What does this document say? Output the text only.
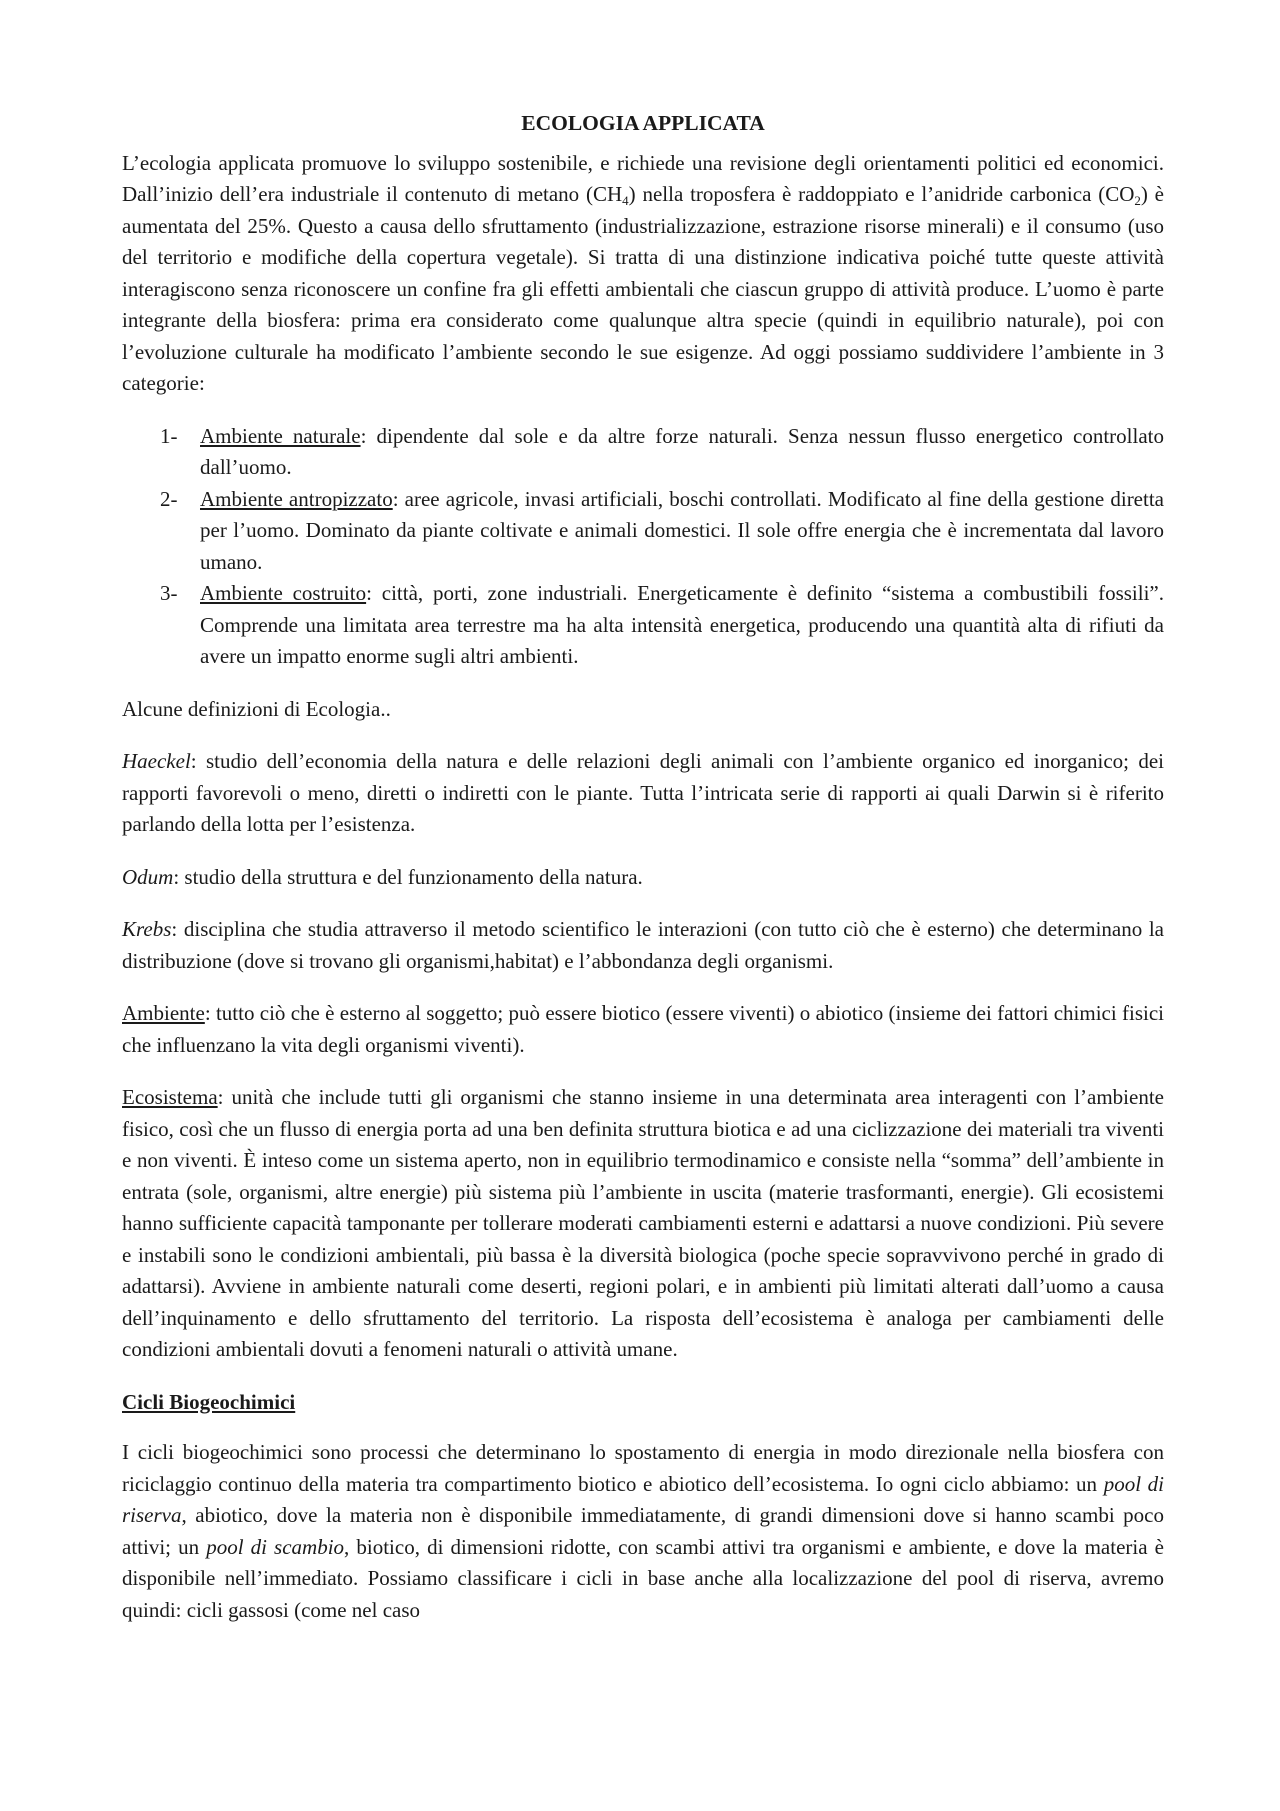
ECOLOGIA APPLICATA

L’ecologia applicata promuove lo sviluppo sostenibile, e richiede una revisione degli orientamenti politici ed economici. Dall’inizio dell’era industriale il contenuto di metano $(CH_4)$ nella troposfera è raddoppiato e l’anidride carbonica $(CO_2)$ è aumentata del 25%. Questo a causa dello sfruttamento (industrializzazione, estrazione risorse minerali) e il consumo (uso del territorio e modifiche della copertura vegetale). Si tratta di una distinzione indicativa poiché tutte queste attività interagiscono senza riconoscere un confine fra gli effetti ambientali che ciascun gruppo di attività produce. L’uomo è parte integrante della biosfera: prima era considerato come qualunque altra specie (quindi in equilibrio naturale), poi con l’evoluzione culturale ha modificato l’ambiente secondo le sue esigenze. Ad oggi possiamo suddividere l’ambiente in 3 categorie:

1- Ambiente naturale: dipendente dal sole e da altre forze naturali. Senza nessun flusso energetico controllato dall’uomo.
2- Ambiente antropizzato: aree agricole, invasi artificiali, boschi controllati. Modificato al fine della gestione diretta per l’uomo. Dominato da piante coltivate e animali domestici. Il sole offre energia che è incrementata dal lavoro umano.
3- Ambiente costruito: città, porti, zone industriali. Energeticamente è definito “sistema a combustibili fossili”. Comprende una limitata area terrestre ma ha alta intensità energetica, producendo una quantità alta di rifiuti da avere un impatto enorme sugli altri ambienti.

Alcune definizioni di Ecologia..

Haeckel: studio dell’economia della natura e delle relazioni degli animali con l’ambiente organico ed inorganico; dei rapporti favorevoli o meno, diretti o indiretti con le piante. Tutta l’intricata serie di rapporti ai quali Darwin si è riferito parlando della lotta per l’esistenza.

Odum: studio della struttura e del funzionamento della natura.

Krebs: disciplina che studia attraverso il metodo scientifico le interazioni (con tutto ciò che è esterno) che determinano la distribuzione (dove si trovano gli organismi,habitat) e l’abbondanza degli organismi.

Ambiente: tutto ciò che è esterno al soggetto; può essere biotico (essere viventi) o abiotico (insieme dei fattori chimici fisici che influenzano la vita degli organismi viventi).

Ecosistema: unità che include tutti gli organismi che stanno insieme in una determinata area interagenti con l’ambiente fisico, così che un flusso di energia porta ad una ben definita struttura biotica e ad una ciclizzazione dei materiali tra viventi e non viventi. È inteso come un sistema aperto, non in equilibrio termodinamico e consiste nella “somma” dell’ambiente in entrata (sole, organismi, altre energie) più sistema più l’ambiente in uscita (materie trasformanti, energie). Gli ecosistemi hanno sufficiente capacità tamponante per tollerare moderati cambiamenti esterni e adattarsi a nuove condizioni. Più severe e instabili sono le condizioni ambientali, più bassa è la diversità biologica (poche specie sopravvivono perché in grado di adattarsi). Avviene in ambiente naturali come deserti, regioni polari, e in ambienti più limitati alterati dall’uomo a causa dell’inquinamento e dello sfruttamento del territorio. La risposta dell’ecosistema è analoga per cambiamenti delle condizioni ambientali dovuti a fenomeni naturali o attività umane.

Cicli Biogeochimici

I cicli biogeochimici sono processi che determinano lo spostamento di energia in modo direzionale nella biosfera con riciclaggio continuo della materia tra compartimento biotico e abiotico dell’ecosistema. Io ogni ciclo abbiamo: un pool di riserva, abiotico, dove la materia non è disponibile immediatamente, di grandi dimensioni dove si hanno scambi poco attivi; un pool di scambio, biotico, di dimensioni ridotte, con scambi attivi tra organismi e ambiente, e dove la materia è disponibile nell’immediato. Possiamo classificare i cicli in base anche alla localizzazione del pool di riserva, avremo quindi: cicli gassosi (come nel caso
